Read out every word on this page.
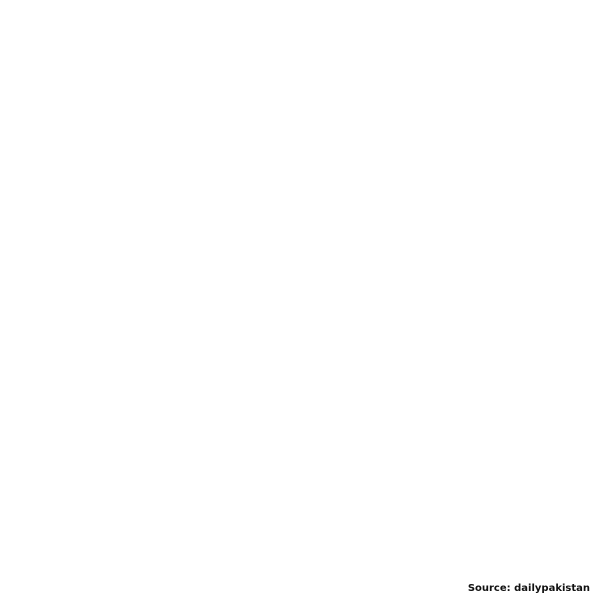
Source: dailypakistan
